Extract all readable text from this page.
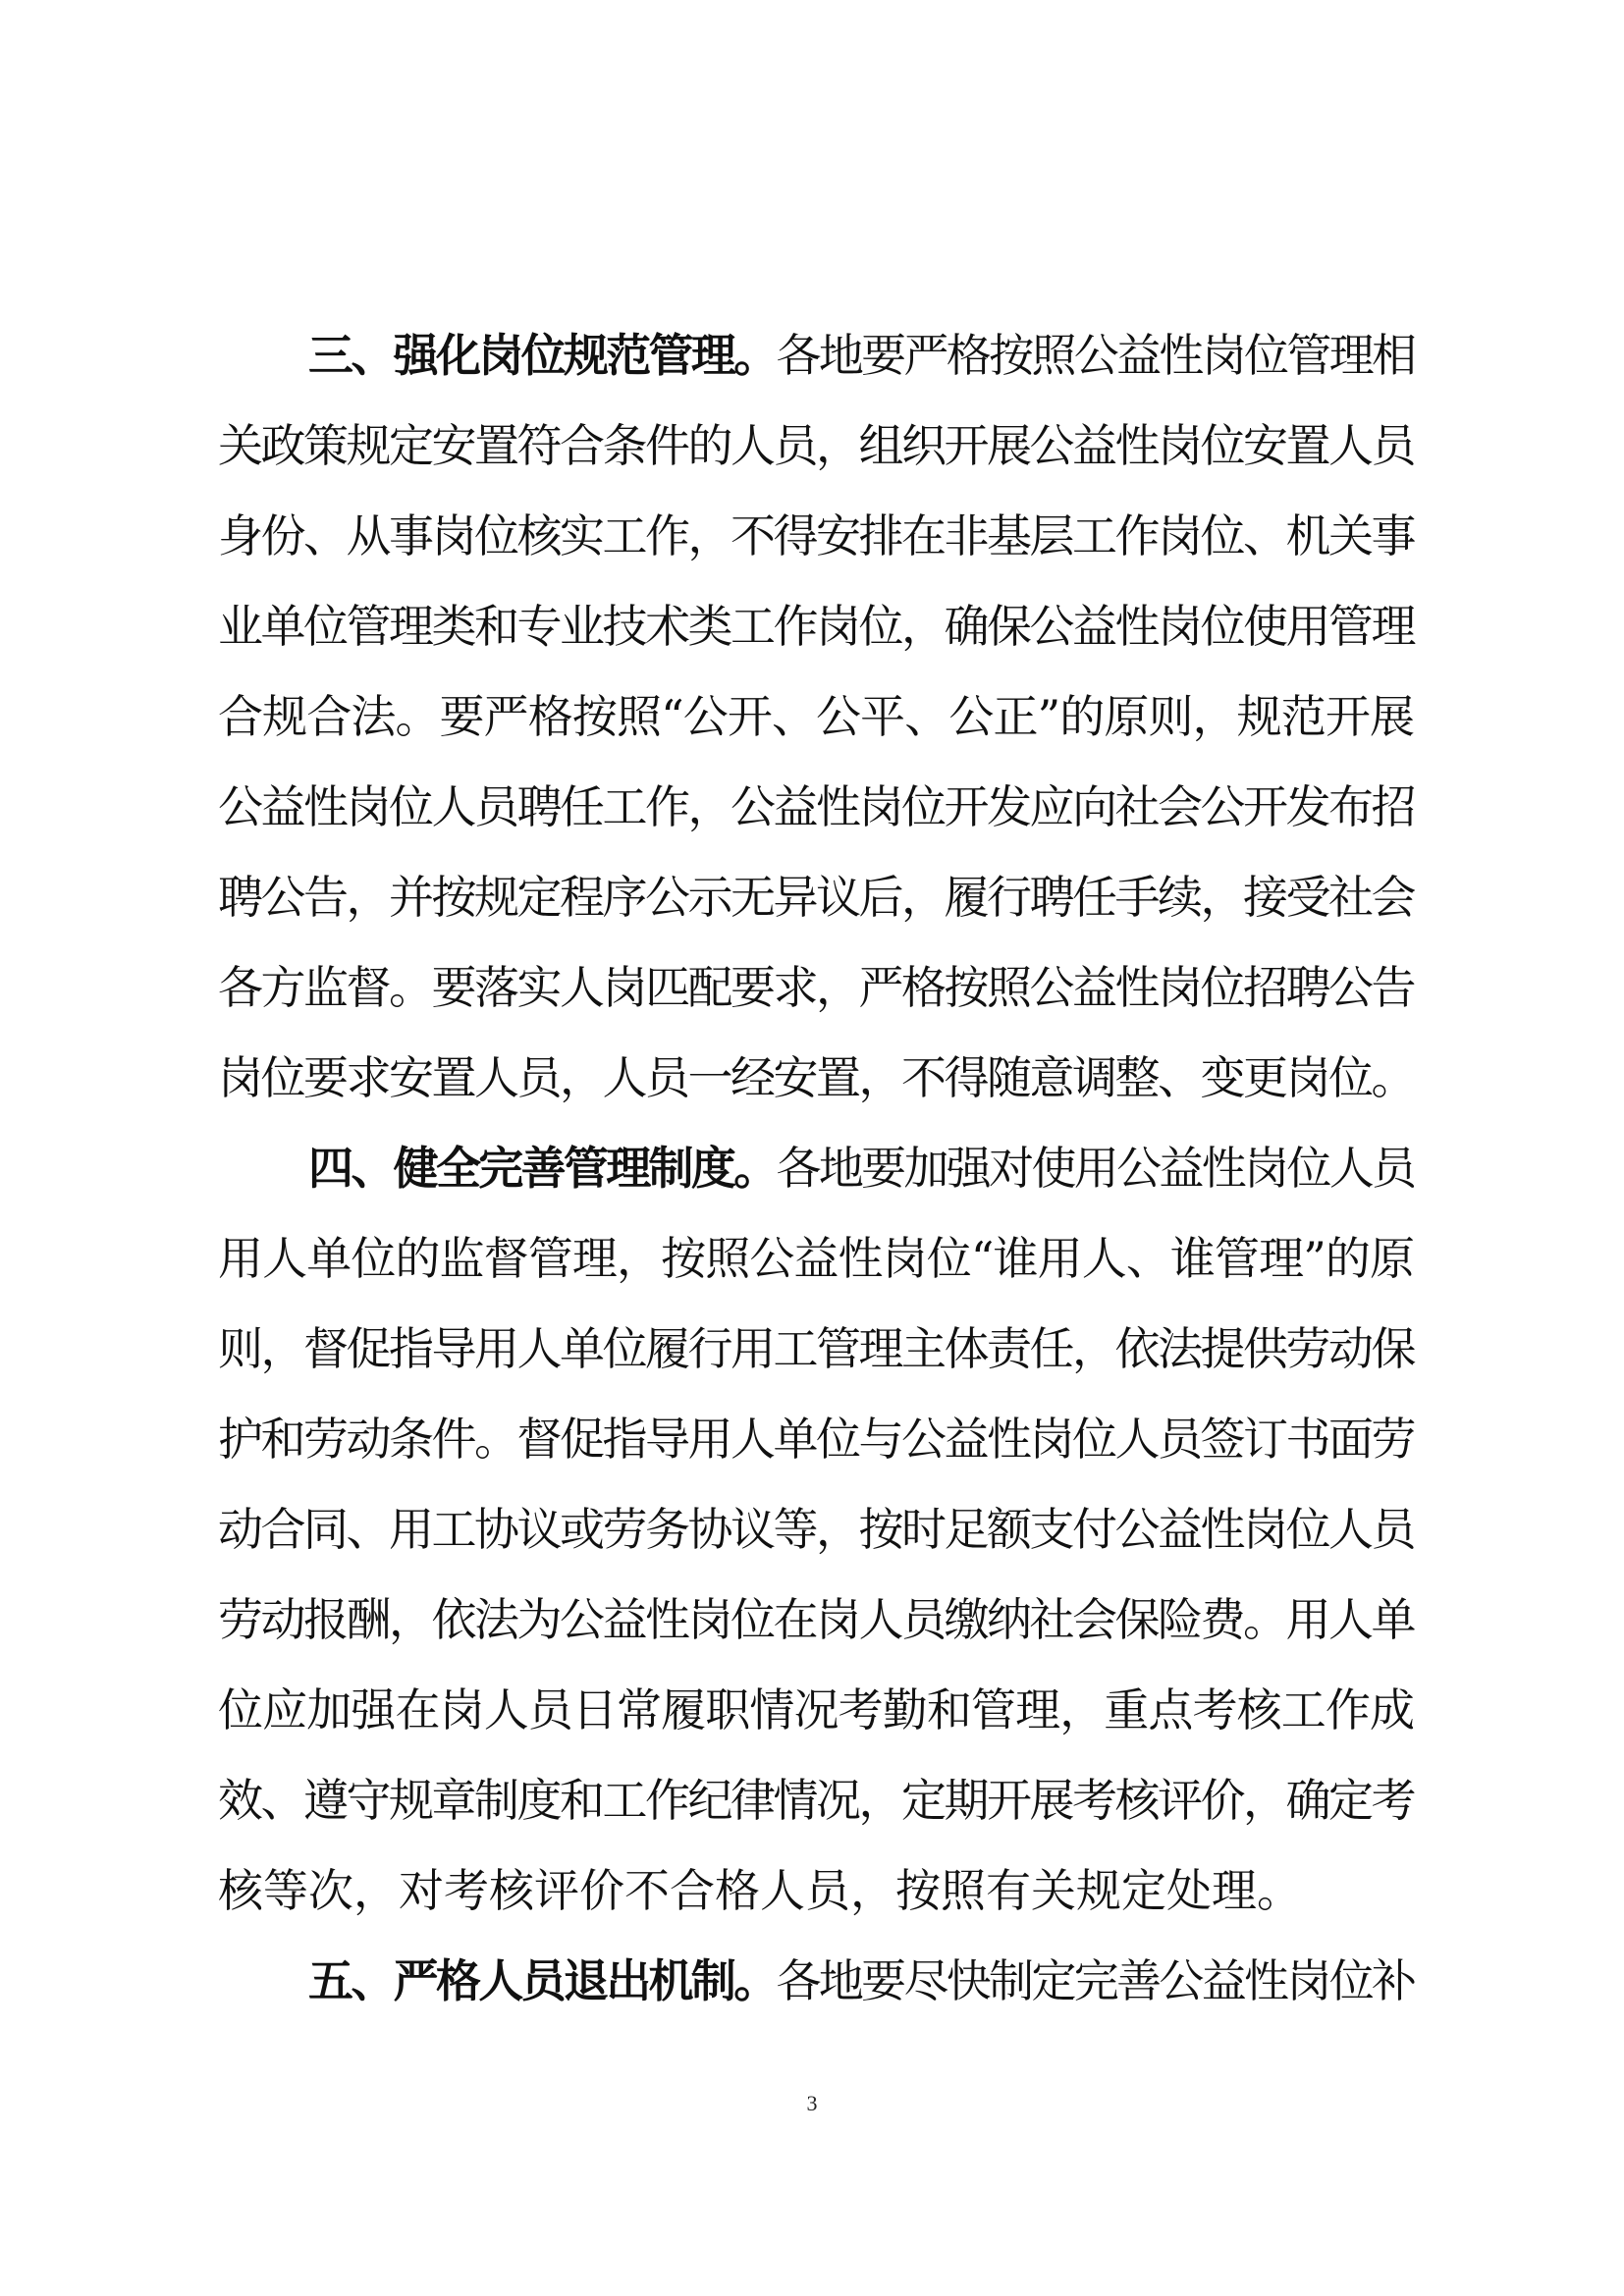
三、强化岗位规范管理。各地要严格按照公益性岗位管理相
关政策规定安置符合条件的人员，组织开展公益性岗位安置人员
身份、从事岗位核实工作，不得安排在非基层工作岗位、机关事
业单位管理类和专业技术类工作岗位，确保公益性岗位使用管理
合规合法。要严格按照“公开、公平、公正”的原则，规范开展
公益性岗位人员聘任工作，公益性岗位开发应向社会公开发布招
聘公告，并按规定程序公示无异议后，履行聘任手续，接受社会
各方监督。要落实人岗匹配要求，严格按照公益性岗位招聘公告
岗位要求安置人员，人员一经安置，不得随意调整、变更岗位。
四、健全完善管理制度。各地要加强对使用公益性岗位人员
用人单位的监督管理，按照公益性岗位“谁用人、谁管理”的原
则，督促指导用人单位履行用工管理主体责任，依法提供劳动保
护和劳动条件。督促指导用人单位与公益性岗位人员签订书面劳
动合同、用工协议或劳务协议等，按时足额支付公益性岗位人员
劳动报酬，依法为公益性岗位在岗人员缴纳社会保险费。用人单
位应加强在岗人员日常履职情况考勤和管理，重点考核工作成
效、遵守规章制度和工作纪律情况，定期开展考核评价，确定考
核等次，对考核评价不合格人员，按照有关规定处理。
五、严格人员退出机制。各地要尽快制定完善公益性岗位补
3
